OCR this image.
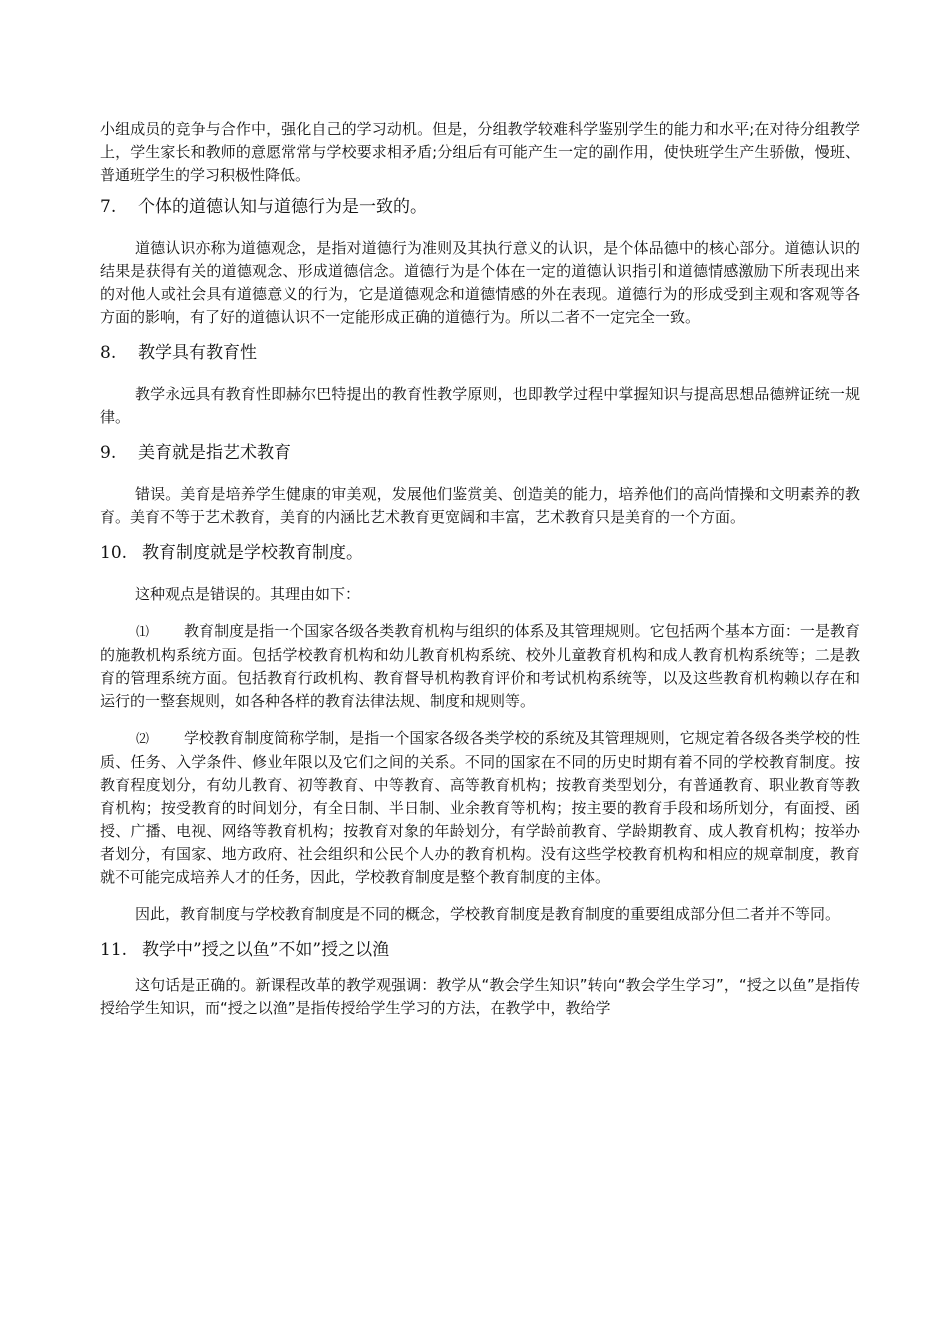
小组成员的竞争与合作中，强化自己的学习动机。但是，分组教学较难科学鉴别学生的能力和水平;在对待分组教学上，学生家长和教师的意愿常常与学校要求相矛盾;分组后有可能产生一定的副作用，使快班学生产生骄傲，慢班、普通班学生的学习积极性降低。

7. 个体的道德认知与道德行为是一致的。

道德认识亦称为道德观念，是指对道德行为准则及其执行意义的认识，是个体品德中的核心部分。道德认识的结果是获得有关的道德观念、形成道德信念。道德行为是个体在一定的道德认识指引和道德情感激励下所表现出来的对他人或社会具有道德意义的行为，它是道德观念和道德情感的外在表现。道德行为的形成受到主观和客观等各方面的影响，有了好的道德认识不一定能形成正确的道德行为。所以二者不一定完全一致。

8. 教学具有教育性

教学永远具有教育性即赫尔巴特提出的教育性教学原则，也即教学过程中掌握知识与提高思想品德辨证统一规律。

9. 美育就是指艺术教育

错误。美育是培养学生健康的审美观，发展他们鉴赏美、创造美的能力，培养他们的高尚情操和文明素养的教育。美育不等于艺术教育，美育的内涵比艺术教育更宽阔和丰富，艺术教育只是美育的一个方面。

10. 教育制度就是学校教育制度。

这种观点是错误的。其理由如下：

⑴ 教育制度是指一个国家各级各类教育机构与组织的体系及其管理规则。它包括两个基本方面：一是教育的施教机构系统方面。包括学校教育机构和幼儿教育机构系统、校外儿童教育机构和成人教育机构系统等；二是教育的管理系统方面。包括教育行政机构、教育督导机构教育评价和考试机构系统等，以及这些教育机构赖以存在和运行的一整套规则，如各种各样的教育法律法规、制度和规则等。

⑵ 学校教育制度简称学制，是指一个国家各级各类学校的系统及其管理规则，它规定着各级各类学校的性质、任务、入学条件、修业年限以及它们之间的关系。不同的国家在不同的历史时期有着不同的学校教育制度。按教育程度划分，有幼儿教育、初等教育、中等教育、高等教育机构；按教育类型划分，有普通教育、职业教育等教育机构；按受教育的时间划分，有全日制、半日制、业余教育等机构；按主要的教育手段和场所划分，有面授、函授、广播、电视、网络等教育机构；按教育对象的年龄划分，有学龄前教育、学龄期教育、成人教育机构；按举办者划分，有国家、地方政府、社会组织和公民个人办的教育机构。没有这些学校教育机构和相应的规章制度，教育就不可能完成培养人才的任务，因此，学校教育制度是整个教育制度的主体。

因此，教育制度与学校教育制度是不同的概念，学校教育制度是教育制度的重要组成部分但二者并不等同。

11. 教学中”授之以鱼”不如”授之以渔

这句话是正确的。新课程改革的教学观强调：教学从“教会学生知识”转向“教会学生学习”，“授之以鱼”是指传授给学生知识，而“授之以渔”是指传授给学生学习的方法，在教学中，教给学
